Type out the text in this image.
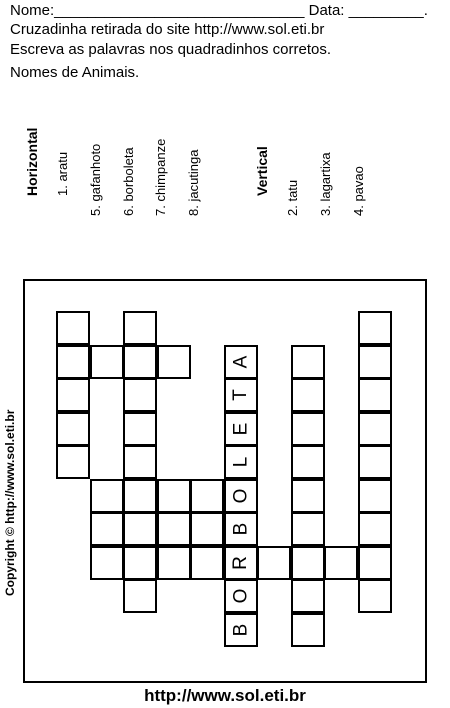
Nome:______________________________ Data: _________.
Cruzadinha retirada do site http://www.sol.eti.br
Escreva as palavras nos quadradinhos corretos.
Nomes de Animais.
Horizontal 1. aratu 5. gafanhoto 6. borboleta 7. chimpanze 8. jacutinga	Vertical
2. tatu 3. lagartixa 4. pavao
B
O
R
B
O
L
E
T
A
Copyright © http://www.sol.eti.br
http://www.sol.eti.br
